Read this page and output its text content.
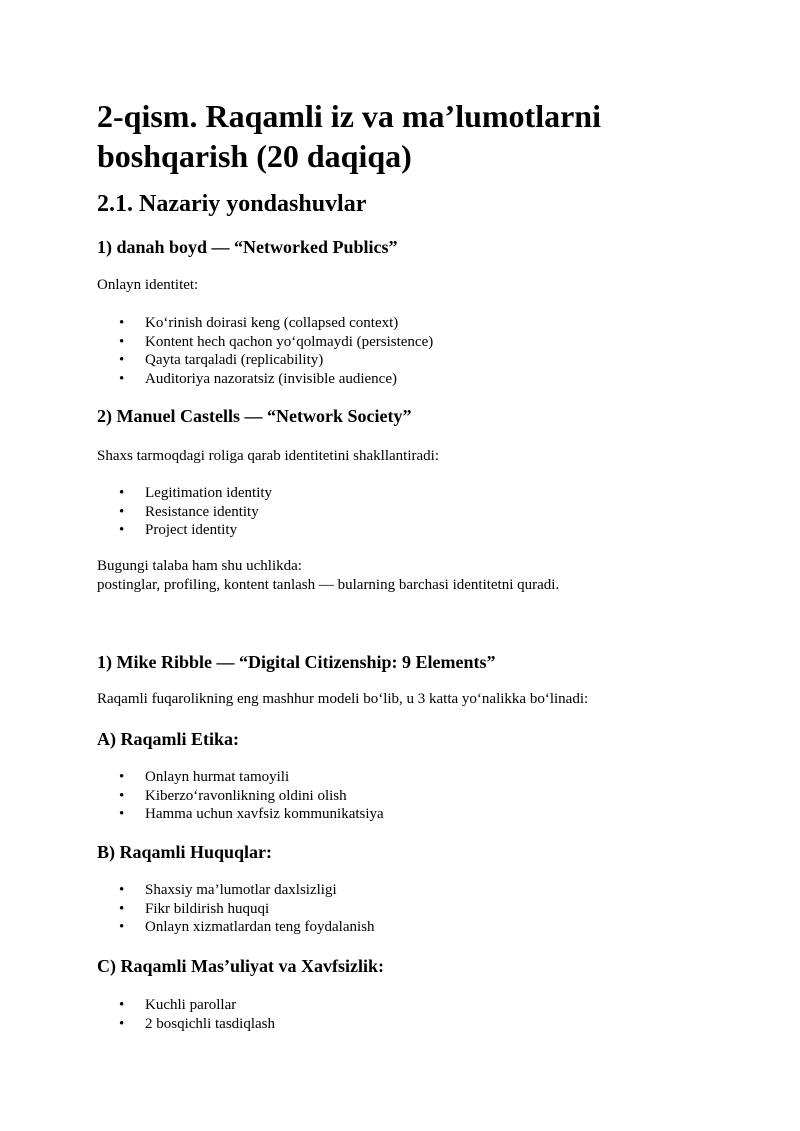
2-qism. Raqamli iz va ma’lumotlarni boshqarish (20 daqiqa)
2.1. Nazariy yondashuvlar
1) danah boyd — “Networked Publics”

Onlayn identitet:

• Koʻrinish doirasi keng (collapsed context)
• Kontent hech qachon yoʻqolmaydi (persistence)
• Qayta tarqaladi (replicability)
• Auditoriya nazoratsiz (invisible audience)
2) Manuel Castells — “Network Society”

Shaxs tarmoqdagi roliga qarab identitetini shakllantiradi:

• Legitimation identity
• Resistance identity
• Project identity

Bugungi talaba ham shu uchlikda:

postinglar, profiling, kontent tanlash — bularning barchasi identitetni quradi.

1) Mike Ribble — “Digital Citizenship: 9 Elements”

Raqamli fuqarolikning eng mashhur modeli boʻlib, u 3 katta yoʻnalikka boʻlinadi:

A) Raqamli Etika:
• Onlayn hurmat tamoyili
• Kiberzoʻravonlikning oldini olish
• Hamma uchun xavfsiz kommunikatsiya
B) Raqamli Huquqlar:
• Shaxsiy ma’lumotlar daxlsizligi
• Fikr bildirish huquqi
• Onlayn xizmatlardan teng foydalanish
C) Raqamli Mas’uliyat va Xavfsizlik:
• Kuchli parollar
• 2 bosqichli tasdiqlash
